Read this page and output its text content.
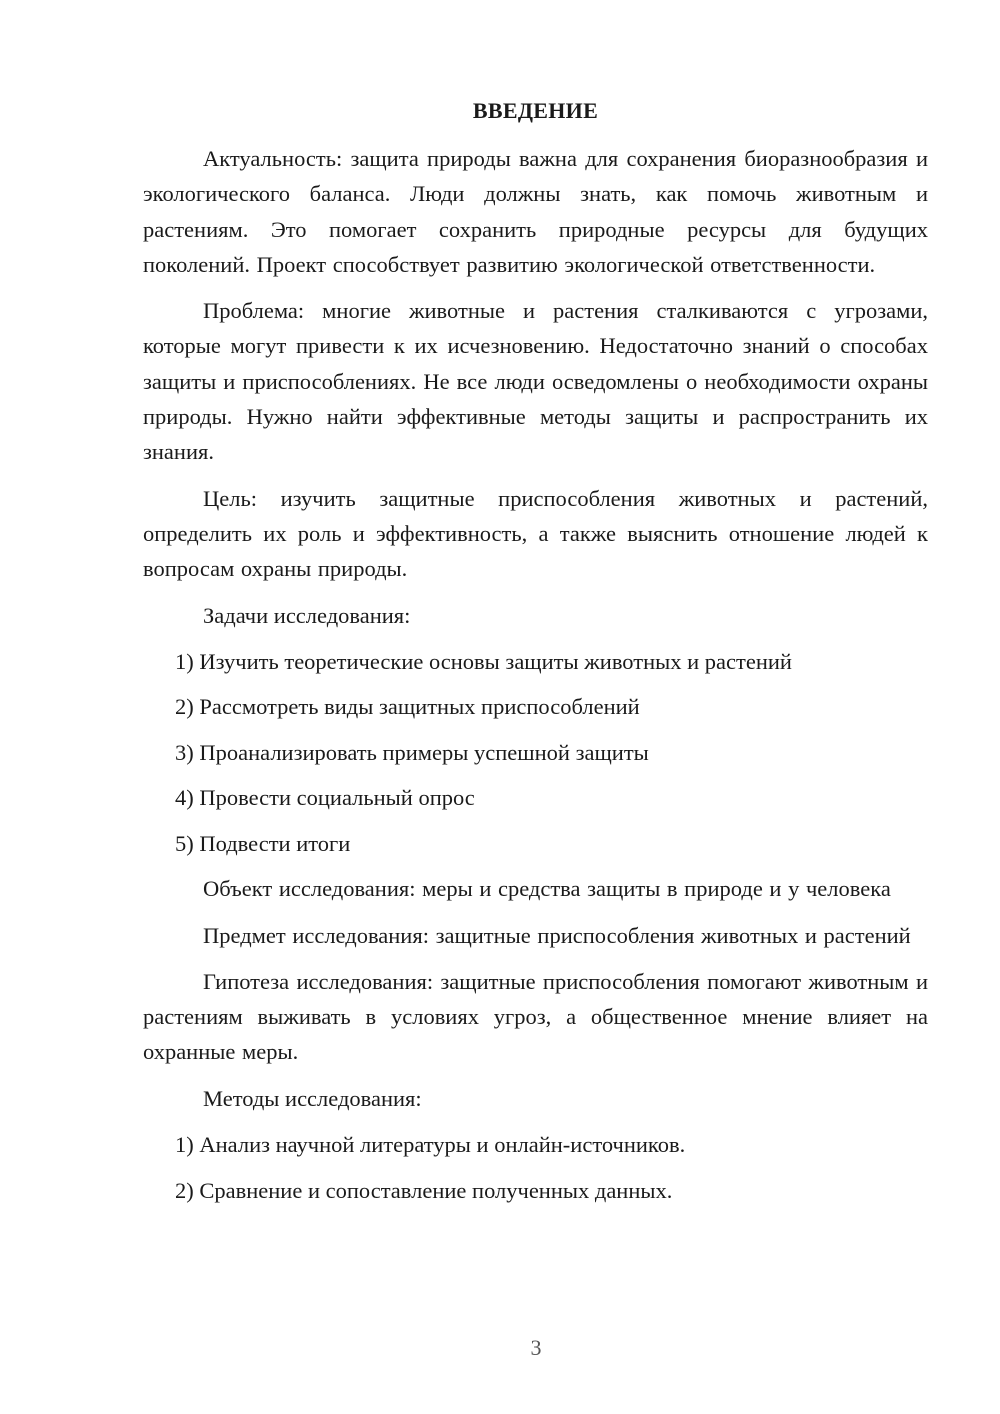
ВВЕДЕНИЕ

Актуальность: защита природы важна для сохранения биоразнообразия и экологического баланса. Люди должны знать, как помочь животным и растениям. Это помогает сохранить природные ресурсы для будущих поколений. Проект способствует развитию экологической ответственности.

Проблема: многие животные и растения сталкиваются с угрозами, которые могут привести к их исчезновению. Недостаточно знаний о способах защиты и приспособлениях. Не все люди осведомлены о необходимости охраны природы. Нужно найти эффективные методы защиты и распространить их знания.

Цель: изучить защитные приспособления животных и растений, определить их роль и эффективность, а также выяснить отношение людей к вопросам охраны природы.

Задачи исследования:

1) Изучить теоретические основы защиты животных и растений
2) Рассмотреть виды защитных приспособлений
3) Проанализировать примеры успешной защиты
4) Провести социальный опрос
5) Подвести итоги

Объект исследования: меры и средства защиты в природе и у человека

Предмет исследования: защитные приспособления животных и растений

Гипотеза исследования: защитные приспособления помогают животным и растениям выживать в условиях угроз, а общественное мнение влияет на охранные меры.

Методы исследования:

1) Анализ научной литературы и онлайн-источников.
2) Сравнение и сопоставление полученных данных.
3
